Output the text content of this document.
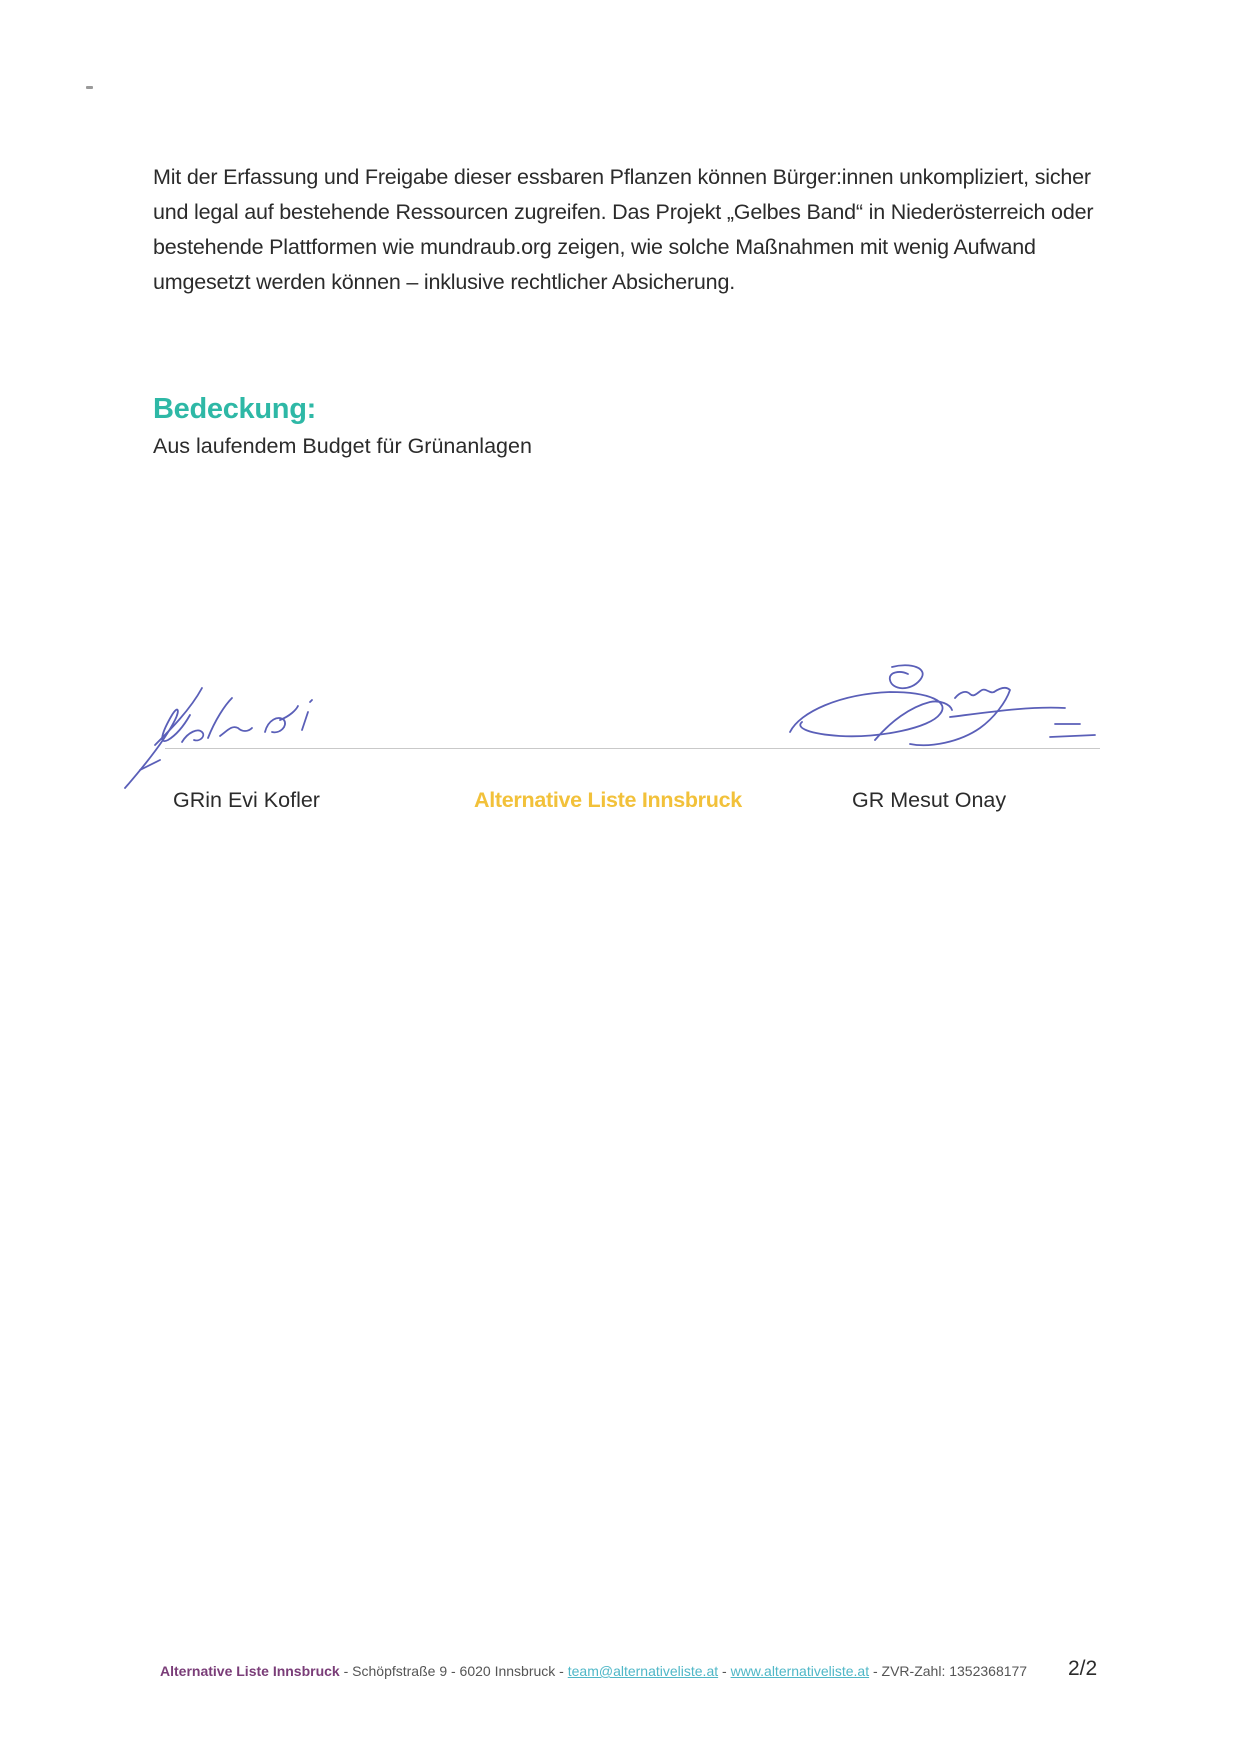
Mit der Erfassung und Freigabe dieser essbaren Pflanzen können Bürger:innen unkompliziert, sicher und legal auf bestehende Ressourcen zugreifen. Das Projekt „Gelbes Band“ in Niederösterreich oder bestehende Plattformen wie mundraub.org zeigen, wie solche Maßnahmen mit wenig Aufwand umgesetzt werden können – inklusive rechtlicher Absicherung.

Bedeckung:

Aus laufendem Budget für Grünanlagen

GRin Evi Kofler	Alternative Liste Innsbruck	GR Mesut Onay

Alternative Liste Innsbruck - Schöpfstraße 9 - 6020 Innsbruck - team@alternativeliste.at - www.alternativeliste.at - ZVR-Zahl: 1352368177 2/2
